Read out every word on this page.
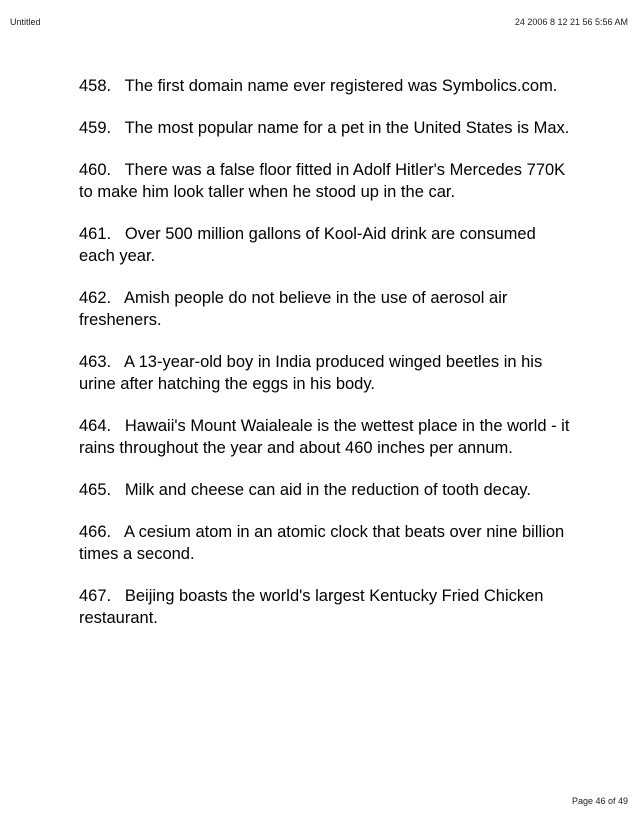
Untitled	24 2006 8 12 21 56 5:56 AM
458.   The first domain name ever registered was Symbolics.com.
459.   The most popular name for a pet in the United States is Max.
460.   There was a false floor fitted in Adolf Hitler's Mercedes 770K to make him look taller when he stood up in the car.
461.   Over 500 million gallons of Kool-Aid drink are consumed each year.
462.   Amish people do not believe in the use of aerosol air fresheners.
463.   A 13-year-old boy in India produced winged beetles in his urine after hatching the eggs in his body.
464.   Hawaii's Mount Waialeale is the wettest place in the world - it rains throughout the year and about 460 inches per annum.
465.   Milk and cheese can aid in the reduction of tooth decay.
466.   A cesium atom in an atomic clock that beats over nine billion times a second.
467.   Beijing boasts the world's largest Kentucky Fried Chicken restaurant.
Page 46 of 49
